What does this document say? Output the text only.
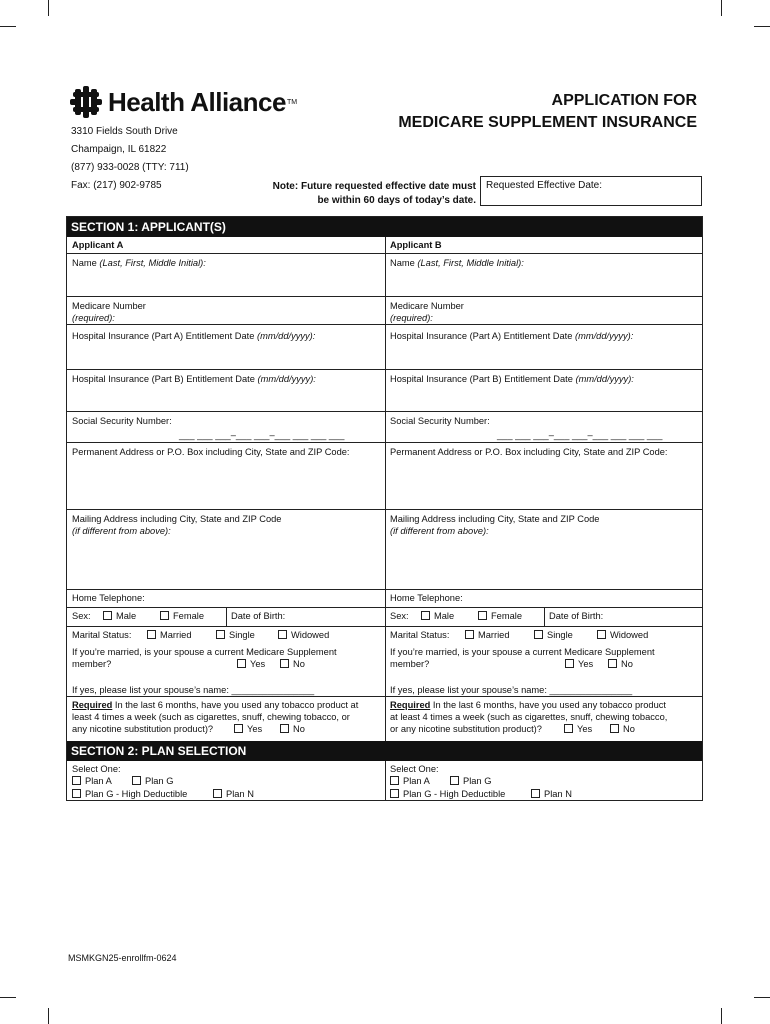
Health Alliance TM
3310 Fields South Drive
Champaign, IL 61822
(877) 933-0028 (TTY: 711)
Fax: (217) 902-9785
APPLICATION FOR
MEDICARE SUPPLEMENT INSURANCE
Note: Future requested effective date must
be within 60 days of today’s date.
Requested Effective Date:
SECTION 1: APPLICANT(S)
Applicant A
Name (Last, First, Middle Initial):
Medicare Number
(required):
Hospital Insurance (Part A) Entitlement Date (mm/dd/yyyy):
Hospital Insurance (Part B) Entitlement Date (mm/dd/yyyy):
Social Security Number:
___ ___ ___–___ ___–___ ___ ___ ___
Permanent Address or P.O. Box including City, State and ZIP Code:
Mailing Address including City, State and ZIP Code
(if different from above):
Home Telephone:
Sex:	Male	Female	Date of Birth:
Marital Status:	Married	Single	Widowed
If you’re married, is your spouse a current Medicare Supplement
member?	Yes	No
If yes, please list your spouse’s name: ________________
Required In the last 6 months, have you used any tobacco product at
least 4 times a week (such as cigarettes, snuff, chewing tobacco, or
any nicotine substitution product)?	Yes	No
Applicant B
Name (Last, First, Middle Initial):
Medicare Number
(required):
Hospital Insurance (Part A) Entitlement Date (mm/dd/yyyy):
Hospital Insurance (Part B) Entitlement Date (mm/dd/yyyy):
Social Security Number:
___ ___ ___–___ ___–___ ___ ___ ___
Permanent Address or P.O. Box including City, State and ZIP Code:
Mailing Address including City, State and ZIP Code
(if different from above):
Home Telephone:
Sex:	Male	Female	Date of Birth:
Marital Status:	Married	Single	Widowed
If you’re married, is your spouse a current Medicare Supplement
member?	Yes	No
If yes, please list your spouse’s name: ________________
Required In the last 6 months, have you used any tobacco product
at least 4 times a week (such as cigarettes, snuff, chewing tobacco,
or any nicotine substitution product)?	Yes	No
SECTION 2: PLAN SELECTION
Select One:
Plan A	Plan G
Plan G - High Deductible	Plan N
Select One:
Plan A	Plan G
Plan G - High Deductible	Plan N
MSMKGN25-enrollfm-0624
